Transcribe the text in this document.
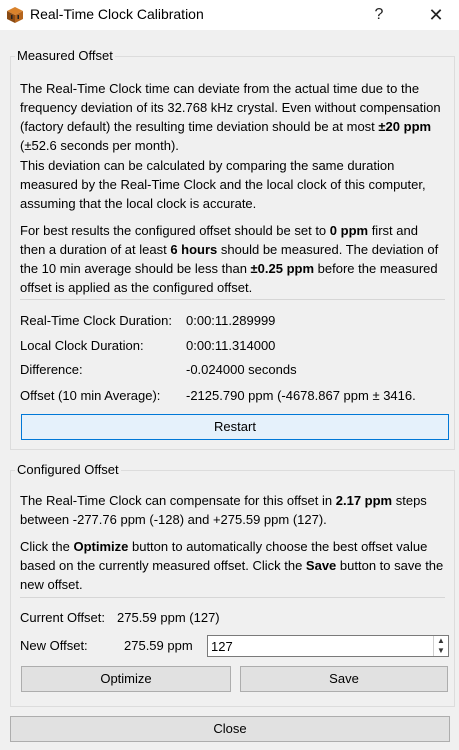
Real-Time Clock Calibration	?	✕
Measured Offset

The Real-Time Clock time can deviate from the actual time due to the frequency deviation of its 32.768 kHz crystal. Even without compensation (factory default) the resulting time deviation should be at most ±20 ppm (±52.6 seconds per month).

This deviation can be calculated by comparing the same duration measured by the Real-Time Clock and the local clock of this computer, assuming that the local clock is accurate.

For best results the configured offset should be set to 0 ppm first and then a duration of at least 6 hours should be measured. The deviation of the 10 min average should be less than ±0.25 ppm before the measured offset is applied as the configured offset.

Real-Time Clock Duration: 0:00:11.289999
Local Clock Duration:	0:00:11.314000
Difference:	-0.024000 seconds
Offset (10 min Average): -2125.790 ppm (-4678.867 ppm ± 3416.
Restart
Configured Offset

The Real-Time Clock can compensate for this offset in 2.17 ppm steps between -277.76 ppm (-128) and +275.59 ppm (127).

Click the Optimize button to automatically choose the best offset value based on the currently measured offset. Click the Save button to save the new offset.

Current Offset: 275.59 ppm (127)
New Offset:	275.59 ppm
127	▲
▼
Optimize	Save
Close
